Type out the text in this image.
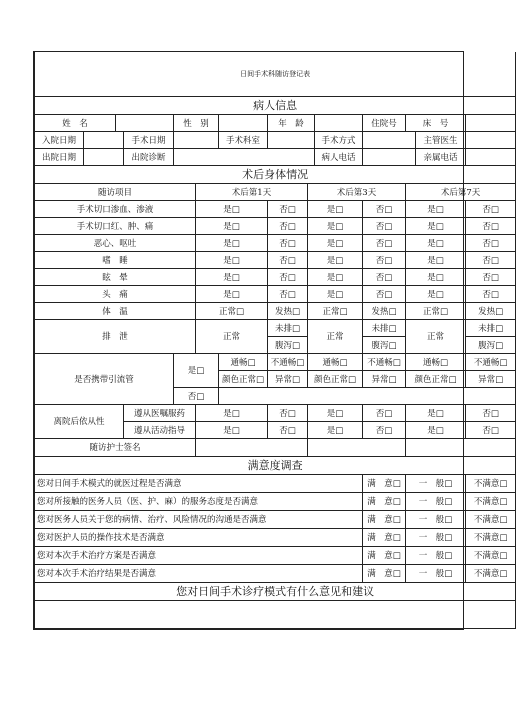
日间手术科随访登记表													
病人信息													
姓　名				性　别			年　龄			住院号	床　号		
入院日期			手术日期			手术科室			手术方式			主管医生	
出院日期			出院诊断						病人电话			亲属电话	
术后身体情况													
随访项目					术后第1天			术后第3天			术后第7天		
手术切口渗血、渗液					是□		否□	是□		否□	是□		否□
手术切口红、肿、痛					是□		否□	是□		否□	是□		否□
恶心、呕吐					是□		否□	是□		否□	是□		否□
嗜　睡					是□		否□	是□		否□	是□		否□
眩　晕					是□		否□	是□		否□	是□		否□
头　痛					是□		否□	是□		否□	是□		否□
体　温					正常□		发热□	正常□		发热□	正常□		发热□
排　泄					正常		未排□	正常		未排□	正常		未排□
							腹泻□			腹泻□			腹泻□
是否携带引流管				是□		通畅□	不通畅□	通畅□		不通畅□	通畅□		不通畅□
						颜色正常□	异常□	颜色正常□		异常□	颜色正常□		异常□
				否□									
离院后依从性			遵从医嘱服药		是□		否□	是□		否□	是□		否□
			遵从活动指导		是□		否□	是□		否□	是□		否□
随访护士签名													
满意度调查													
您对日间手术模式的就医过程是否满意										满　意□	一　般□		不满意□
您对所接触的医务人员（医、护、麻）的服务态度是否满意										满　意□	一　般□		不满意□
您对医务人员关于您的病情、治疗、风险情况的沟通是否满意										满　意□	一　般□		不满意□
您对医护人员的操作技术是否满意										满　意□	一　般□		不满意□
您对本次手术治疗方案是否满意										满　意□	一　般□		不满意□
您对本次手术治疗结果是否满意										满　意□	一　般□		不满意□
您对日间手术诊疗模式有什么意见和建议													
